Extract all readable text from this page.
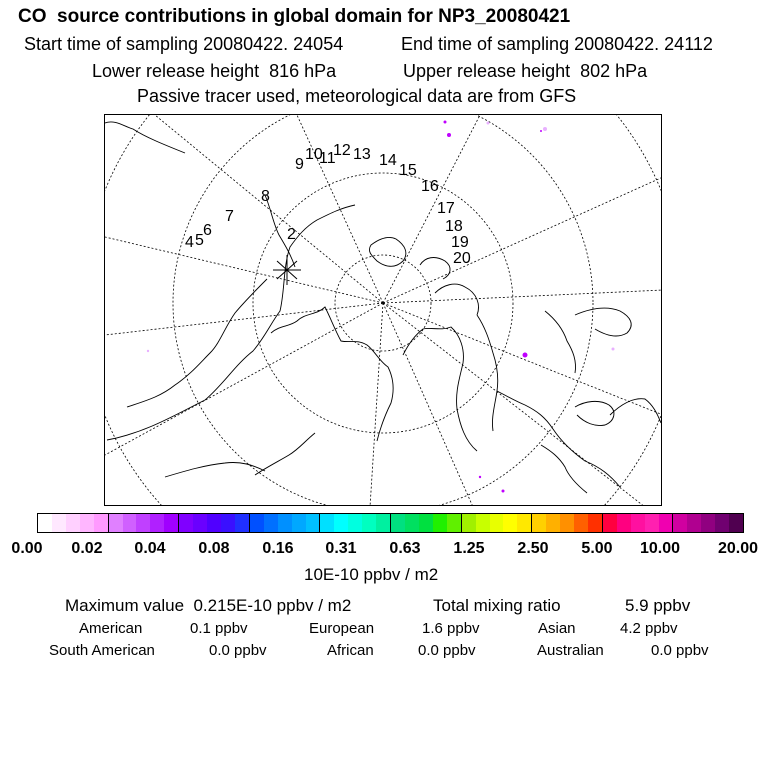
CO  source contributions in global domain for NP3_20080421
Start time of sampling 20080422. 24054	End time of sampling 20080422. 24112
Lower release height  816 hPa	Upper release height  802 hPa
Passive tracer used, meteorological data are from GFS
2
4 5
6
7
8
9
10
11
12 13 14
15
16
17
18
19
20
0.00 0.02 0.04 0.08 0.16 0.31 0.63 1.25 2.50 5.00 10.00 20.00
10E-10 ppbv / m2
Maximum value  0.215E-10 ppbv / m2	Total mixing ratio	5.9 ppbv
American	0.1 ppbv	European	1.6 ppbv	Asian	4.2 ppbv
South American	0.0 ppbv	African	0.0 ppbv	Australian	0.0 ppbv
